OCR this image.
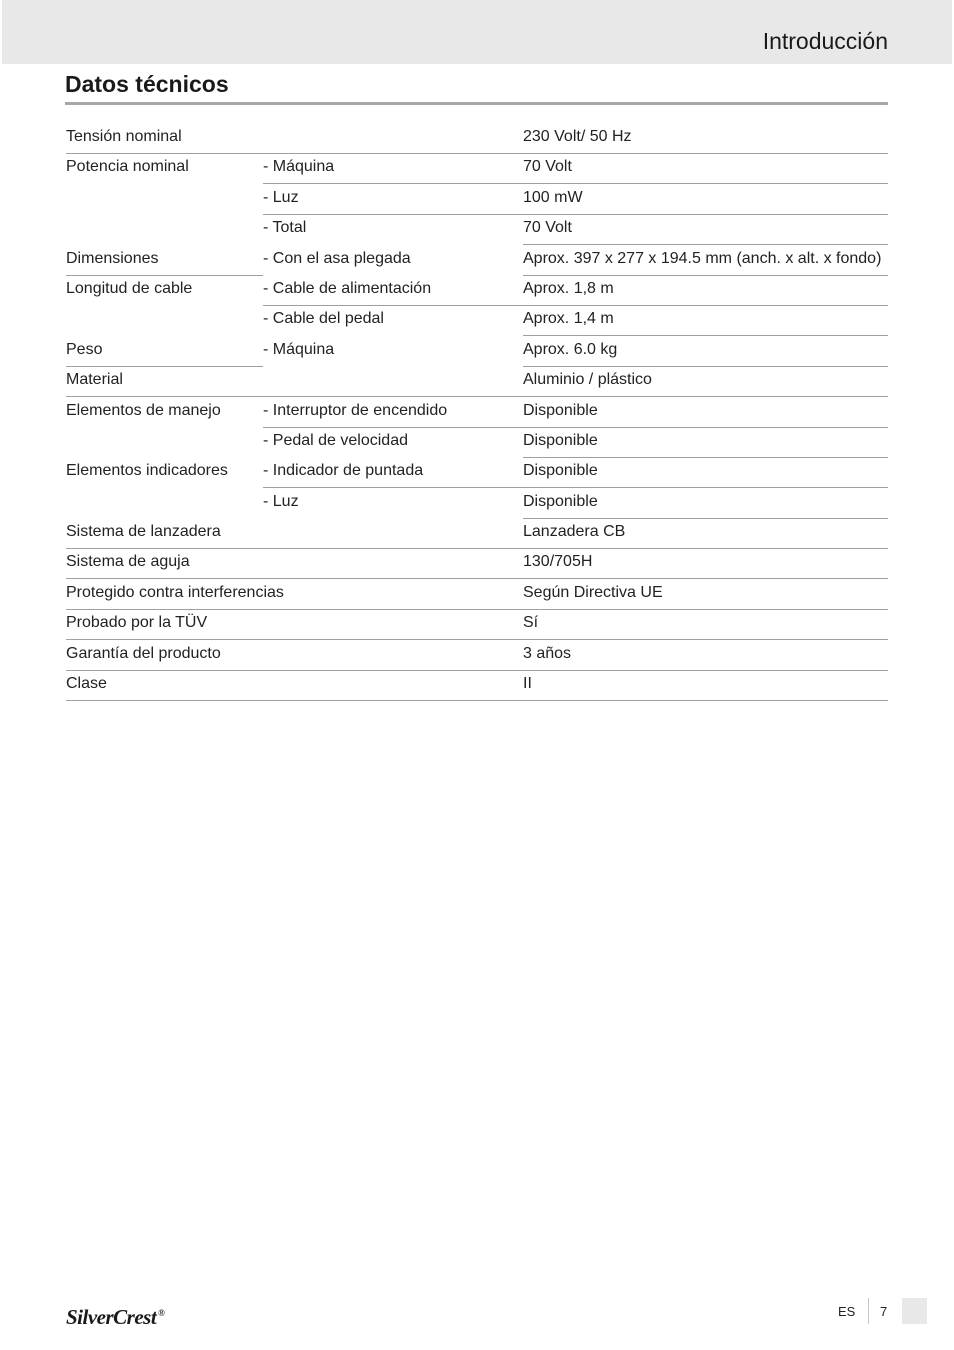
Introducción
Datos técnicos
Tensión nominal	230 Volt/ 50 Hz
Potencia nominal	- Máquina	70 Volt
- Luz	100 mW
- Total	70 Volt
Dimensiones	- Con el asa plegada	Aprox. 397 x 277 x 194.5 mm (anch. x alt. x fondo)
Longitud de cable	- Cable de alimentación	Aprox. 1,8 m
- Cable del pedal	Aprox. 1,4 m
Peso	- Máquina	Aprox. 6.0 kg
Material	Aluminio / plástico
Elementos de manejo	- Interruptor de encendido	Disponible
- Pedal de velocidad	Disponible
Elementos indicadores	- Indicador de puntada	Disponible
- Luz	Disponible
Sistema de lanzadera	Lanzadera CB
Sistema de aguja	130/705H
Protegido contra interferencias	Según Directiva UE
Probado por la TÜV	Sí
Garantía del producto	3 años
Clase	II
SilverCrest ®	ES 7
